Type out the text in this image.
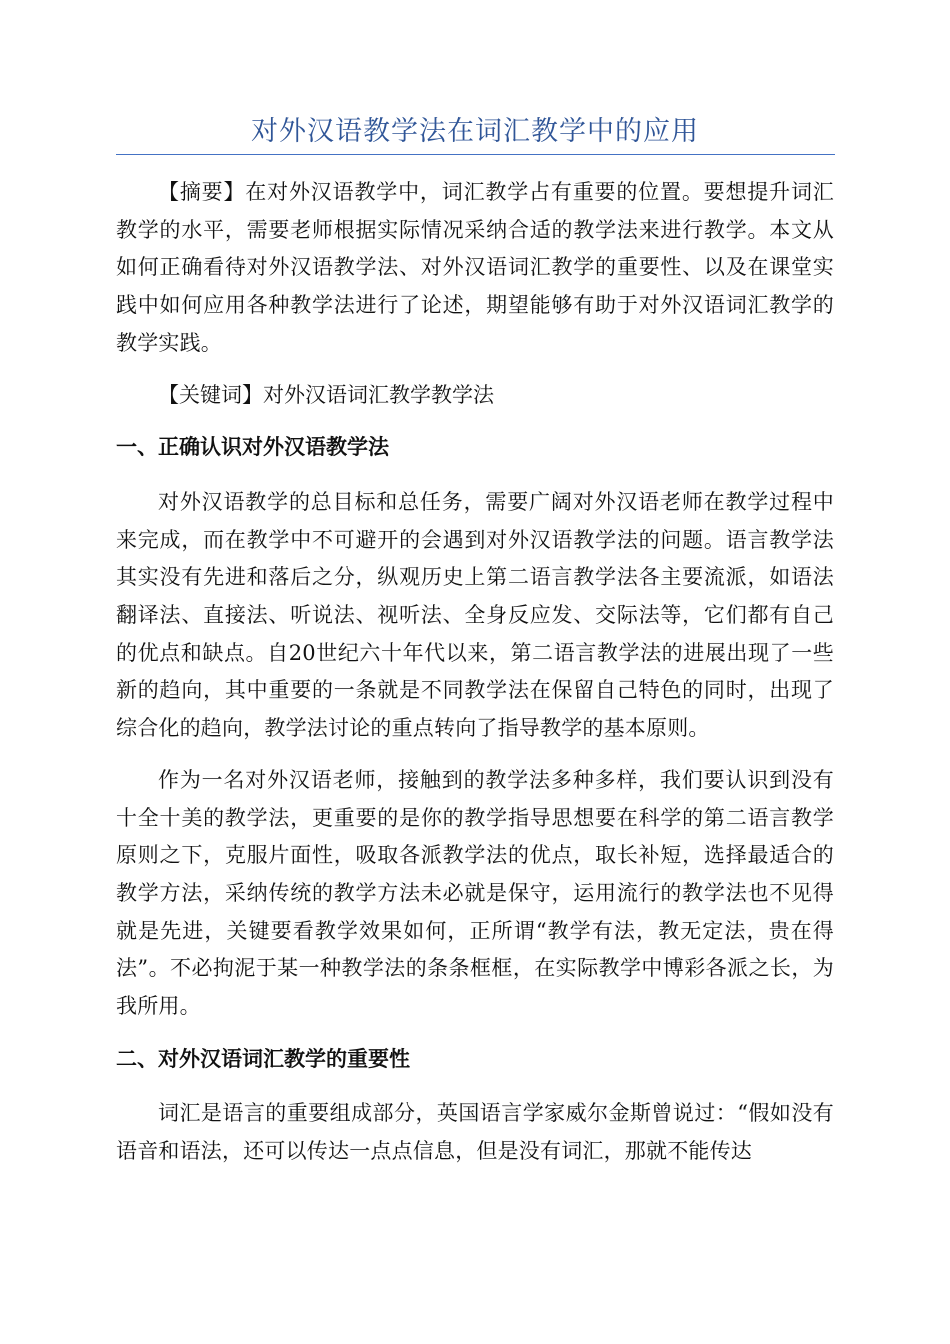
对外汉语教学法在词汇教学中的应用

【摘要】在对外汉语教学中，词汇教学占有重要的位置。要想提升词汇教学的水平，需要老师根据实际情况采纳合适的教学法来进行教学。本文从如何正确看待对外汉语教学法、对外汉语词汇教学的重要性、以及在课堂实践中如何应用各种教学法进行了论述，期望能够有助于对外汉语词汇教学的教学实践。

【关键词】对外汉语词汇教学教学法

一、正确认识对外汉语教学法

对外汉语教学的总目标和总任务，需要广阔对外汉语老师在教学过程中来完成，而在教学中不可避开的会遇到对外汉语教学法的问题。语言教学法其实没有先进和落后之分，纵观历史上第二语言教学法各主要流派，如语法翻译法、直接法、听说法、视听法、全身反应发、交际法等，它们都有自己的优点和缺点。自20世纪六十年代以来，第二语言教学法的进展出现了一些新的趋向，其中重要的一条就是不同教学法在保留自己特色的同时，出现了综合化的趋向，教学法讨论的重点转向了指导教学的基本原则。

作为一名对外汉语老师，接触到的教学法多种多样，我们要认识到没有十全十美的教学法，更重要的是你的教学指导思想要在科学的第二语言教学原则之下，克服片面性，吸取各派教学法的优点，取长补短，选择最适合的教学方法，采纳传统的教学方法未必就是保守，运用流行的教学法也不见得就是先进，关键要看教学效果如何，正所谓“教学有法，教无定法，贵在得法”。不必拘泥于某一种教学法的条条框框，在实际教学中博彩各派之长，为我所用。

二、对外汉语词汇教学的重要性

词汇是语言的重要组成部分，英国语言学家威尔金斯曾说过：“假如没有语音和语法，还可以传达一点点信息，但是没有词汇，那就不能传达
